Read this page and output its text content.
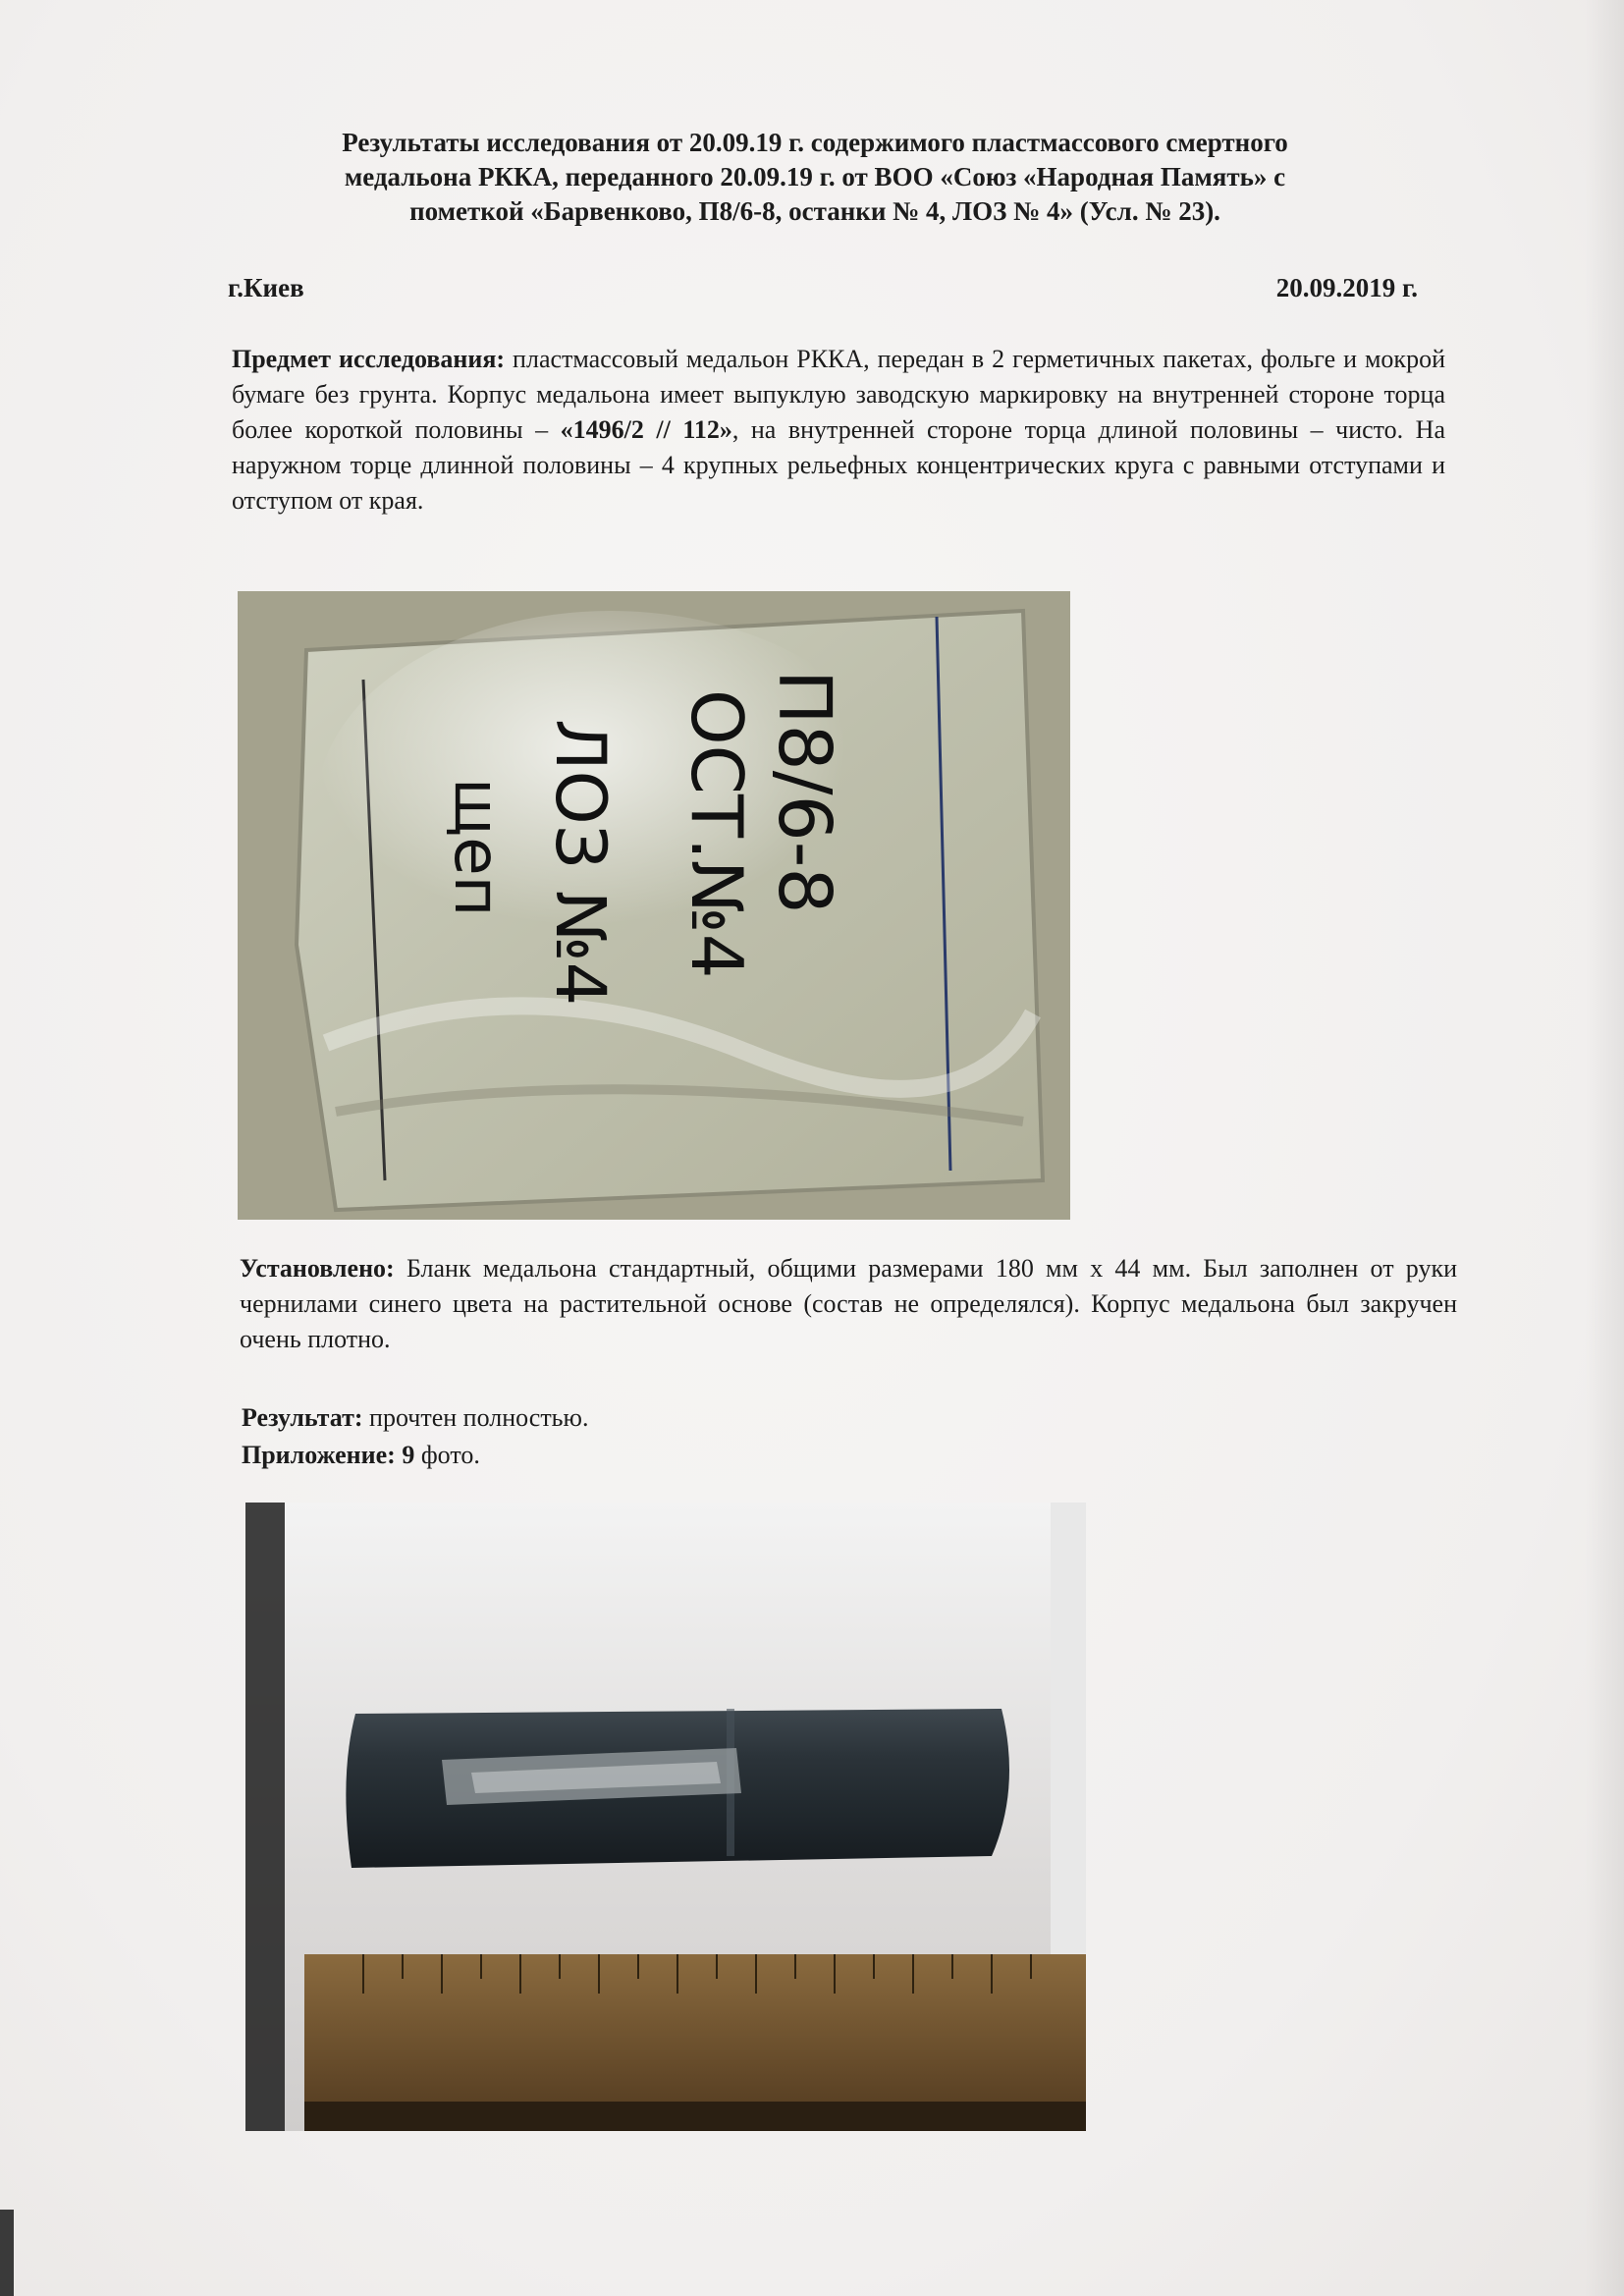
Результаты исследования от 20.09.19 г. содержимого пластмассового смертного
медальона РККА, переданного 20.09.19 г. от ВОО «Союз «Народная Память» с
пометкой «Барвенково, П8/6-8, останки № 4, ЛОЗ № 4» (Усл. № 23).
г.Киев	20.09.2019 г.
Предмет исследования: пластмассовый медальон РККА, передан в 2 герметичных пакетах, фольге и мокрой бумаге без грунта. Корпус медальона имеет выпуклую заводскую маркировку на внутренней стороне торца более короткой половины – «1496/2 // 112», на внутренней стороне торца длиной половины – чисто. На наружном торце длинной половины – 4 крупных рельефных концентрических круга с равными отступами и отступом от края.
П8/6-8
ОСТ.№4
ЛОЗ №4
щеп
Установлено: Бланк медальона стандартный, общими размерами 180 мм х 44 мм. Был заполнен от руки чернилами синего цвета на растительной основе (состав не определялся). Корпус медальона был закручен очень плотно.
Результат: прочтен полностью.
Приложение: 9 фото.
